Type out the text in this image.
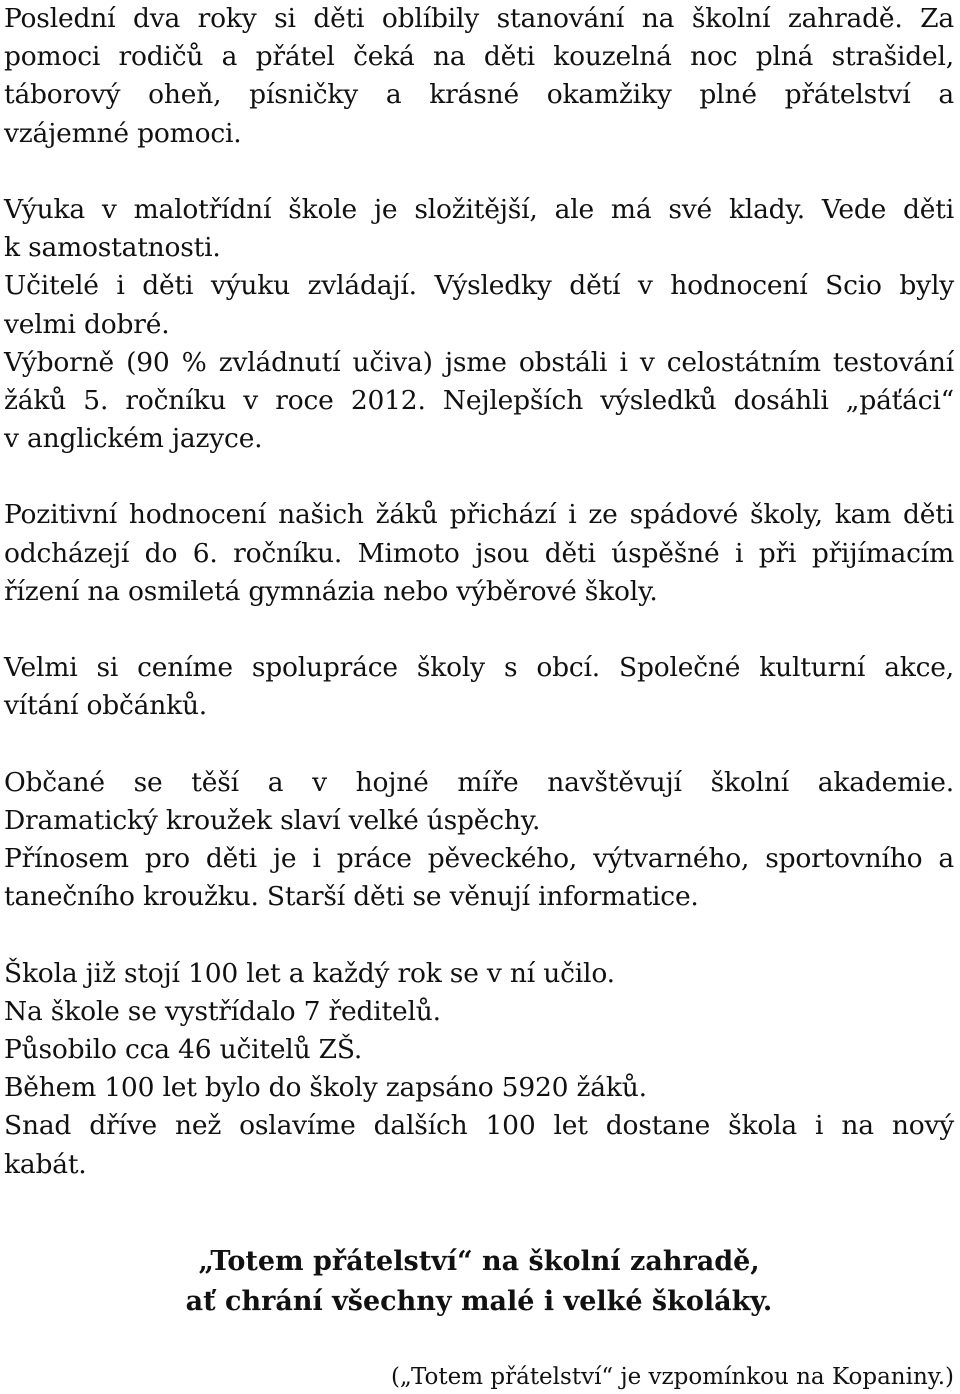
Poslední dva roky si děti oblíbily stanování na školní zahradě. Za
pomoci rodičů a přátel čeká na děti kouzelná noc plná strašidel,
táborový oheň, písničky a krásné okamžiky plné přátelství a
vzájemné pomoci.
Výuka v malotřídní škole je složitější, ale má své klady. Vede děti
k samostatnosti.
Učitelé i děti výuku zvládají. Výsledky dětí v hodnocení Scio byly
velmi dobré.
Výborně (90 % zvládnutí učiva) jsme obstáli i v celostátním testování
žáků 5. ročníku v roce 2012. Nejlepších výsledků dosáhli „páťáci“
v anglickém jazyce.
Pozitivní hodnocení našich žáků přichází i ze spádové školy, kam děti
odcházejí do 6. ročníku. Mimoto jsou děti úspěšné i při přijímacím
řízení na osmiletá gymnázia nebo výběrové školy.
Velmi si ceníme spolupráce školy s obcí. Společné kulturní akce,
vítání občánků.
Občané se těší a v hojné míře navštěvují školní akademie.
Dramatický kroužek slaví velké úspěchy.
Přínosem pro děti je i práce pěveckého, výtvarného, sportovního a
tanečního kroužku. Starší děti se věnují informatice.
Škola již stojí 100 let a každý rok se v ní učilo.
Na škole se vystřídalo 7 ředitelů.
Působilo cca 46 učitelů ZŠ.
Během 100 let bylo do školy zapsáno 5920 žáků.
Snad dříve než oslavíme dalších 100 let dostane škola i na nový
kabát.
„Totem přátelství“ na školní zahradě,
ať chrání všechny malé i velké školáky.
(„Totem přátelství“ je vzpomínkou na Kopaniny.)
